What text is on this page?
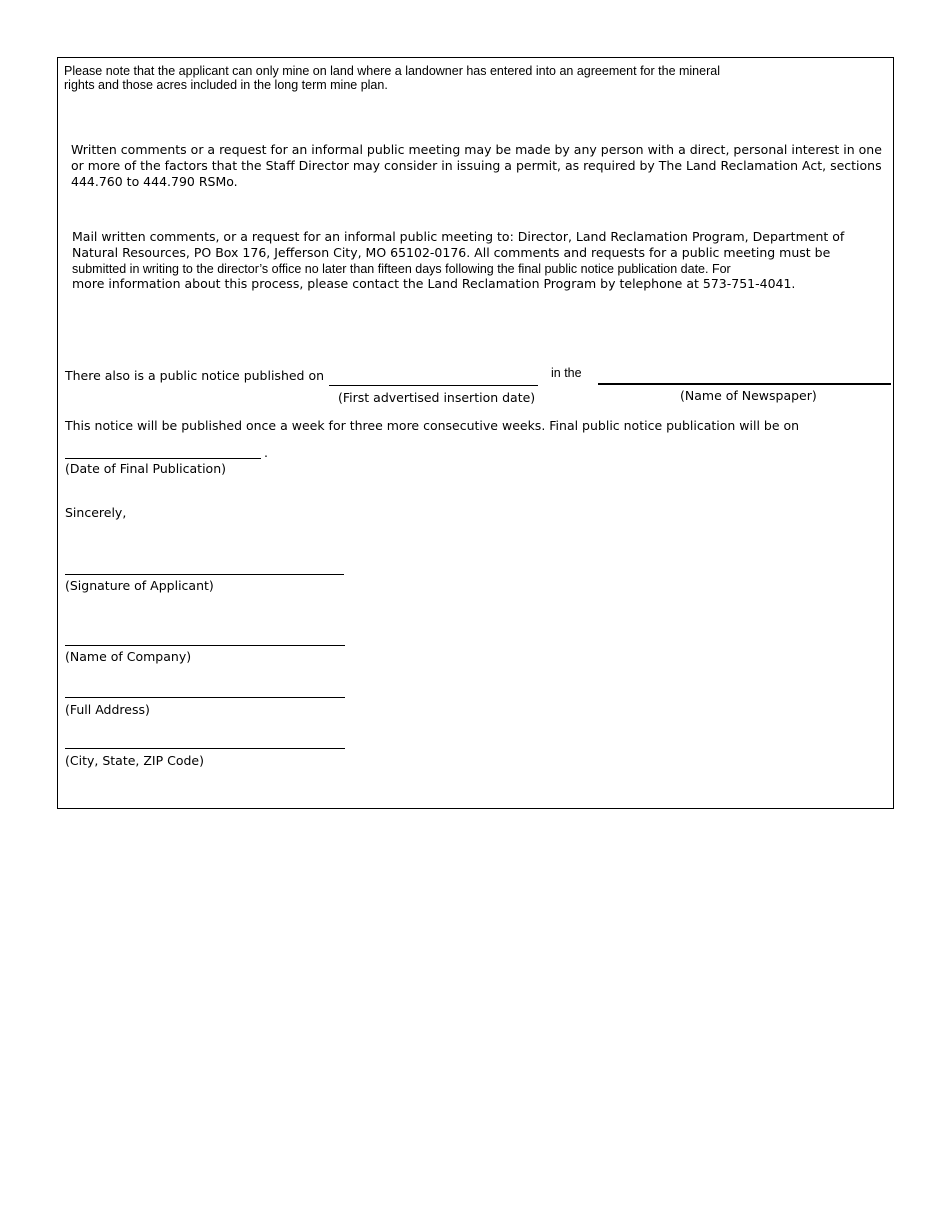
Please note that the applicant can only mine on land where a landowner has entered into an agreement for the mineral
rights and those acres included in the long term mine plan.
Written comments or a request for an informal public meeting may be made by any person with a direct, personal interest in one
or more of the factors that the Staff Director may consider in issuing a permit, as required by The Land Reclamation Act, sections
444.760 to 444.790 RSMo.
Mail written comments, or a request for an informal public meeting to: Director, Land Reclamation Program, Department of
Natural Resources, PO Box 176, Jefferson City, MO 65102-0176. All comments and requests for a public meeting must be
submitted in writing to the director’s office no later than fifteen days following the final public notice publication date. For
more information about this process, please contact the Land Reclamation Program by telephone at 573-751-4041.
There also is a public notice published on	in the
(First advertised insertion date)	(Name of Newspaper)
This notice will be published once a week for three more consecutive weeks. Final public notice publication will be on
.
(Date of Final Publication)
Sincerely,
(Signature of Applicant)
(Name of Company)
(Full Address)
(City, State, ZIP Code)
